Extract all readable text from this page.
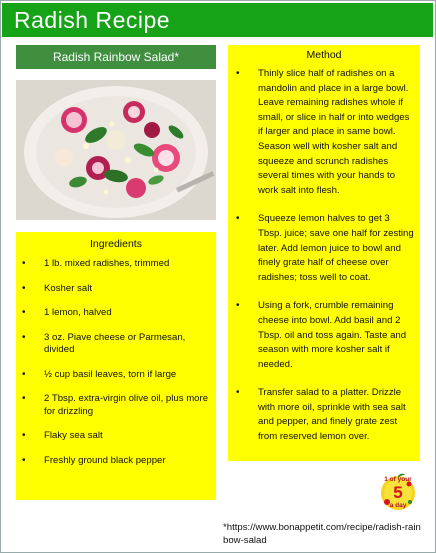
Radish Recipe
Radish Rainbow Salad*
Ingredients
• 1 lb. mixed radishes, trimmed
• Kosher salt
• 1 lemon, halved
• 3 oz. Piave cheese or Parmesan, divided
• ½ cup basil leaves, torn if large
• 2 Tbsp. extra-virgin olive oil, plus more for drizzling
• Flaky sea salt
• Freshly ground black pepper
Method
• Thinly slice half of radishes on a mandolin and place in a large bowl. Leave remaining radishes whole if small, or slice in half or into wedges if larger and place in same bowl. Season well with kosher salt and squeeze and scrunch radishes several times with your hands to work salt into flesh.
• Squeeze lemon halves to get 3 Tbsp. juice; save one half for zesting later. Add lemon juice to bowl and finely grate half of cheese over radishes; toss well to coat.
• Using a fork, crumble remaining cheese into bowl. Add basil and 2 Tbsp. oil and toss again. Taste and season with more kosher salt if needed.
• Transfer salad to a platter. Drizzle with more oil, sprinkle with sea salt and pepper, and finely grate zest from reserved lemon over.
1 of your
5
a day
*https://www.bonappetit.com/recipe/radish-rainbow-salad
